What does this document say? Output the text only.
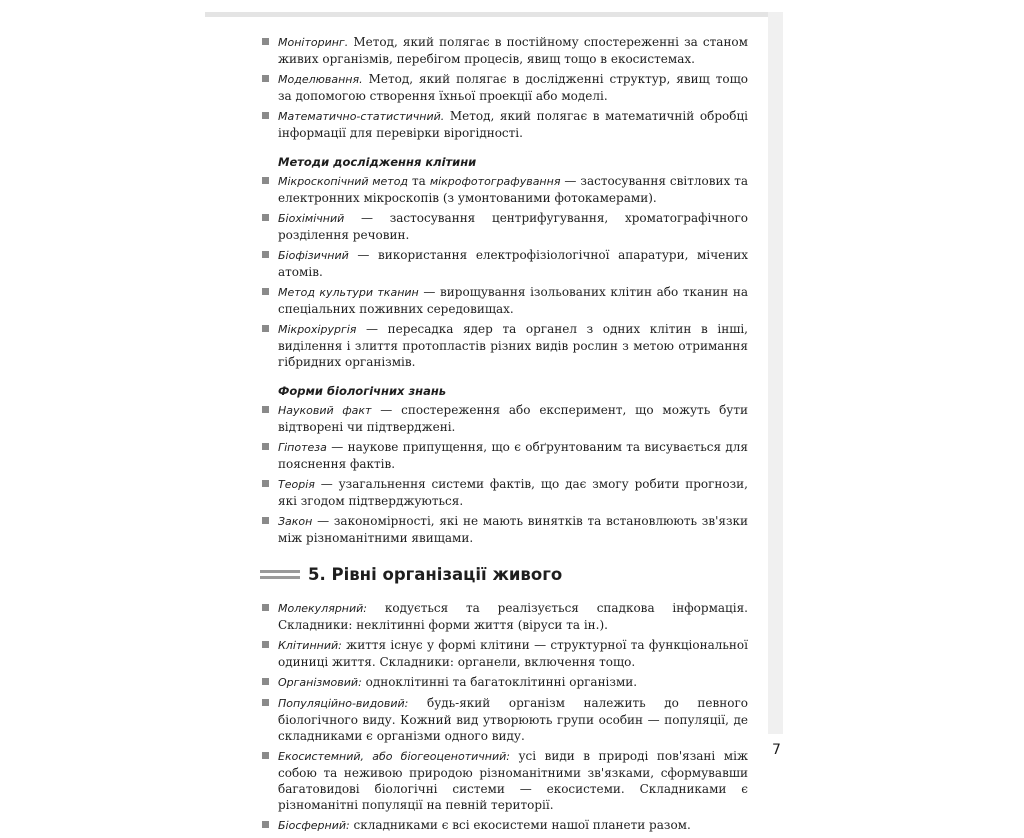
Моніторинг. Метод, який полягає в постійному спостереженні за станом живих організмів, перебігом процесів, явищ тощо в екосистемах.
Моделювання. Метод, який полягає в дослідженні структур, явищ тощо за допомогою створення їхньої проекції або моделі.
Математично-статистичний. Метод, який полягає в математичній обробці інформації для перевірки вірогідності.
Методи дослідження клітини
Мікроскопічний метод та мікрофотографування — застосування світлових та електронних мікроскопів (з умонтованими фотокамерами).
Біохімічний — застосування центрифугування, хроматографічного розділення речовин.
Біофізичний — використання електрофізіологічної апаратури, мічених атомів.
Метод культури тканин — вирощування ізольованих клітин або тканин на спеціальних поживних середовищах.
Мікрохірургія — пересадка ядер та органел з одних клітин в інші, виділення і злиття протопластів різних видів рослин з метою отримання гібридних організмів.
Форми біологічних знань
Науковий факт — спостереження або експеримент, що можуть бути відтворені чи підтверджені.
Гіпотеза — наукове припущення, що є обґрунтованим та висувається для пояснення фактів.
Теорія — узагальнення системи фактів, що дає змогу робити прогнози, які згодом підтверджуються.
Закон — закономірності, які не мають винятків та встановлюють зв'язки між різноманітними явищами.
5. Рівні організації живого
Молекулярний: кодується та реалізується спадкова інформація. Складники: неклітинні форми життя (віруси та ін.).
Клітинний: життя існує у формі клітини — структурної та функціональної одиниці життя. Складники: органели, включення тощо.
Організмовий: одноклітинні та багатоклітинні організми.
Популяційно-видовий: будь-який організм належить до певного біологічного виду. Кожний вид утворюють групи особин — популяції, де складниками є організми одного виду.
Екосистемний, або біогеоценотичний: усі види в природі пов'язані між собою та неживою природою різноманітними зв'язками, сформувавши багатовидові біологічні системи — екосистеми. Складниками є різноманітні популяції на певній території.
Біосферний: складниками є всі екосистеми нашої планети разом.
7
